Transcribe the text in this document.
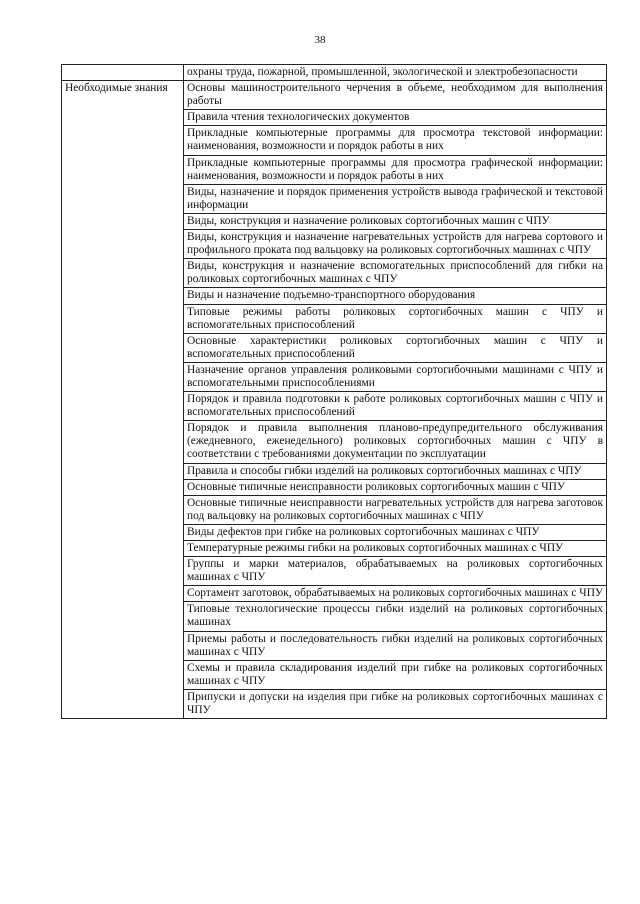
38
	охраны труда, пожарной, промышленной, экологической и электробезопасности
Необходимые знания	Основы машиностроительного черчения в объеме, необходимом для выполнения работы
	Правила чтения технологических документов
	Прикладные компьютерные программы для просмотра текстовой информации: наименования, возможности и порядок работы в них
	Прикладные компьютерные программы для просмотра графической информации: наименования, возможности и порядок работы в них
	Виды, назначение и порядок применения устройств вывода графической и текстовой информации
	Виды, конструкция и назначение роликовых сортогибочных машин с ЧПУ
	Виды, конструкция и назначение нагревательных устройств для нагрева сортового и профильного проката под вальцовку на роликовых сортогибочных машинах с ЧПУ
	Виды, конструкция и назначение вспомогательных приспособлений для гибки на роликовых сортогибочных машинах с ЧПУ
	Виды и назначение подъемно-транспортного оборудования
	Типовые режимы работы роликовых сортогибочных машин с ЧПУ и вспомогательных приспособлений
	Основные характеристики роликовых сортогибочных машин с ЧПУ и вспомогательных приспособлений
	Назначение органов управления роликовыми сортогибочными машинами с ЧПУ и вспомогательными приспособлениями
	Порядок и правила подготовки к работе роликовых сортогибочных машин с ЧПУ и вспомогательных приспособлений
	Порядок и правила выполнения планово-предупредительного обслуживания (ежедневного, еженедельного) роликовых сортогибочных машин с ЧПУ в соответствии с требованиями документации по эксплуатации
	Правила и способы гибки изделий на роликовых сортогибочных машинах с ЧПУ
	Основные типичные неисправности роликовых сортогибочных машин с ЧПУ
	Основные типичные неисправности нагревательных устройств для нагрева заготовок под вальцовку на роликовых сортогибочных машинах с ЧПУ
	Виды дефектов при гибке на роликовых сортогибочных машинах с ЧПУ
	Температурные режимы гибки на роликовых сортогибочных машинах с ЧПУ
	Группы и марки материалов, обрабатываемых на роликовых сортогибочных машинах с ЧПУ
	Сортамент заготовок, обрабатываемых на роликовых сортогибочных машинах с ЧПУ
	Типовые технологические процессы гибки изделий на роликовых сортогибочных машинах
	Приемы работы и последовательность гибки изделий на роликовых сортогибочных машинах с ЧПУ
	Схемы и правила складирования изделий при гибке на роликовых сортогибочных машинах с ЧПУ
	Припуски и допуски на изделия при гибке на роликовых сортогибочных машинах с ЧПУ
